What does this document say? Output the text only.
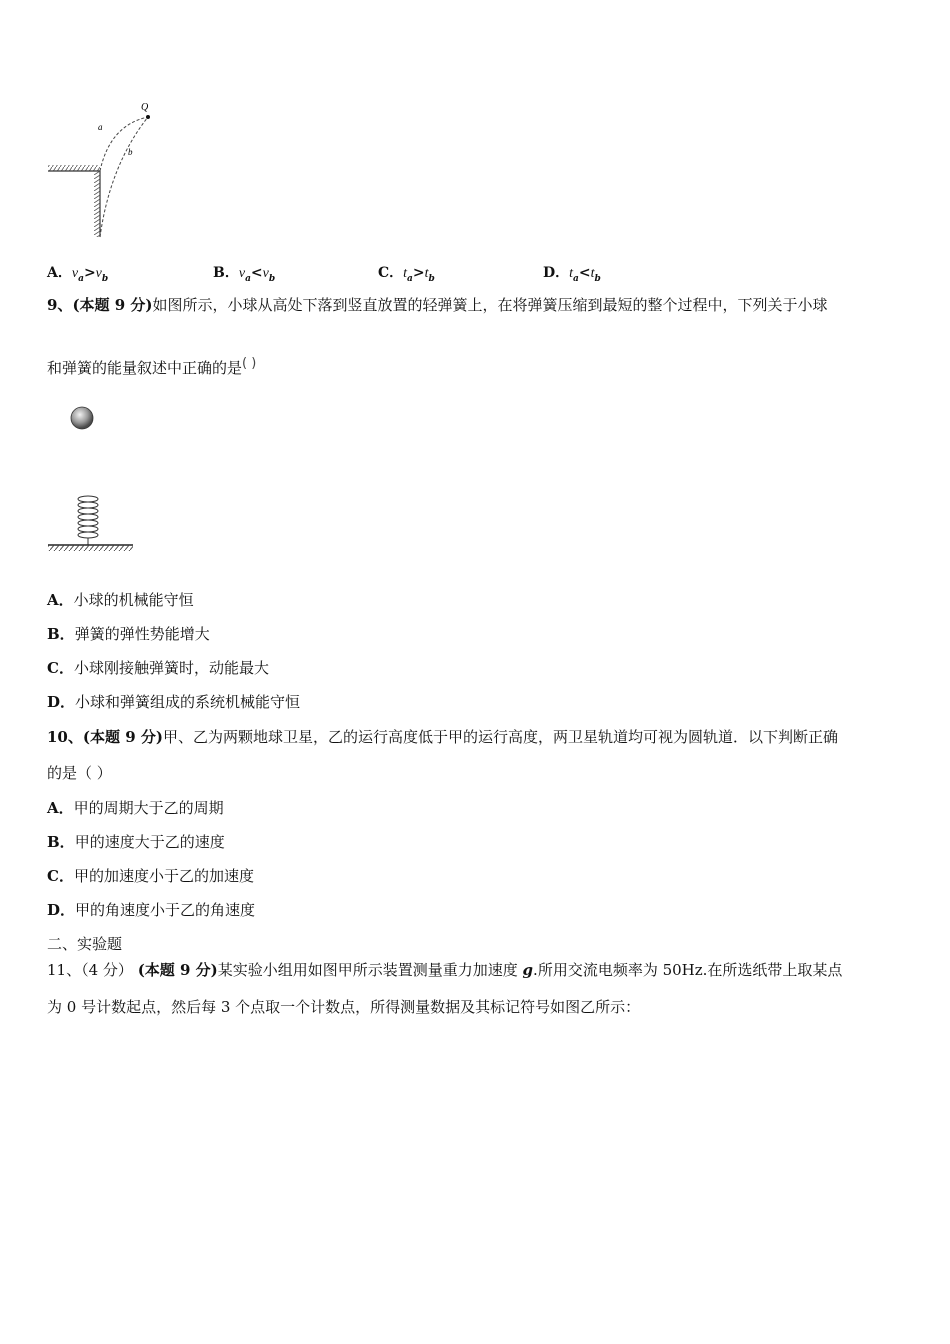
Q
a
b
A．$v_a>v_b$	B．$v_a<v_b$	C．$t_a>t_b$	D．$t_a<t_b$
9、(本题 9 分)如图所示，小球从高处下落到竖直放置的轻弹簧上，在将弹簧压缩到最短的整个过程中，下列关于小球
和弹簧的能量叙述中正确的是( )
A．小球的机械能守恒
B．弹簧的弹性势能增大
C．小球刚接触弹簧时，动能最大
D．小球和弹簧组成的系统机械能守恒
10、(本题 9 分)甲、乙为两颗地球卫星，乙的运行高度低于甲的运行高度，两卫星轨道均可视为圆轨道．以下判断正确
的是（ ）
A．甲的周期大于乙的周期
B．甲的速度大于乙的速度
C．甲的加速度小于乙的加速度
D．甲的角速度小于乙的角速度
二、实验题
11、（4 分） (本题 9 分)某实验小组用如图甲所示装置测量重力加速度 g.所用交流电频率为 50Hz.在所选纸带上取某点
为 0 号计数起点，然后每 3 个点取一个计数点，所得测量数据及其标记符号如图乙所示：
